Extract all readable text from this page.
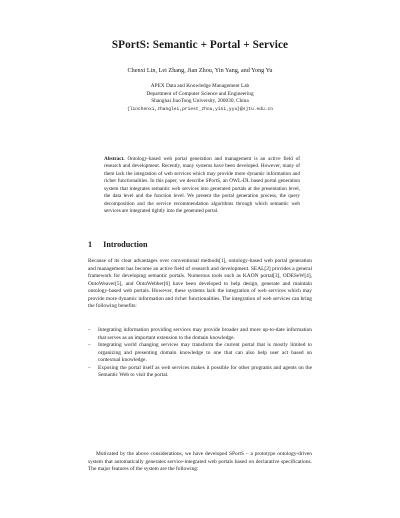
SPortS: Semantic + Portal + Service
Chenxi Lin, Lei Zhang, Jian Zhou, Yin Yang, and Yong Yu
APEX Data and Knowledge Management Lab
Department of Computer Science and Engineering
Shanghai JiaoTong University, 200030, China
{linchenxi,zhanglei,priest_zhou,yini,yyu}@sjtu.edu.cn
Abstract. Ontology-based web portal generation and management is an active field of research and development. Recently, many systems have been developed. However, many of them lack the integration of web services which may provide more dynamic information and richer functionalities. In this paper, we describe SPortS, an OWL-DL based portal generation system that integrates semantic web services into generated portals at the presentation level, the data level and the function level. We present the portal generation process, the query decomposition and the service recommendation algorithms through which semantic web services are integrated tightly into the generated portal.
1 Introduction
Because of its clear advantages over conventional methods[1], ontology-based web portal generation and management has become an active field of research and development. SEAL[2] provides a general framework for developing semantic portals. Numerous tools such as KAON portal[3], ODESeW[4], OntoWeaver[5], and OntoWebber[6] have been developed to help design, generate and maintain ontology-based web portals. However, these systems lack the integration of web services which may provide more dynamic information and richer functionalities. The integration of web services can bring the following benefits:
–	Integrating information providing services may provide broader and more up-to-date information that serves as an important extension to the domain knowledge.
–	Integrating world changing services may transform the current portal that is mostly limited to organizing and presenting domain knowledge to one that can also help user act based on contextual knowledge.
–	Exposing the portal itself as web services makes it possible for other programs and agents on the Semantic Web to visit the portal.
Motivated by the above considerations, we have developed SPortS – a prototype ontology-driven system that automatically generates service-integrated web portals based on declarative specifications. The major features of the system are the following:
